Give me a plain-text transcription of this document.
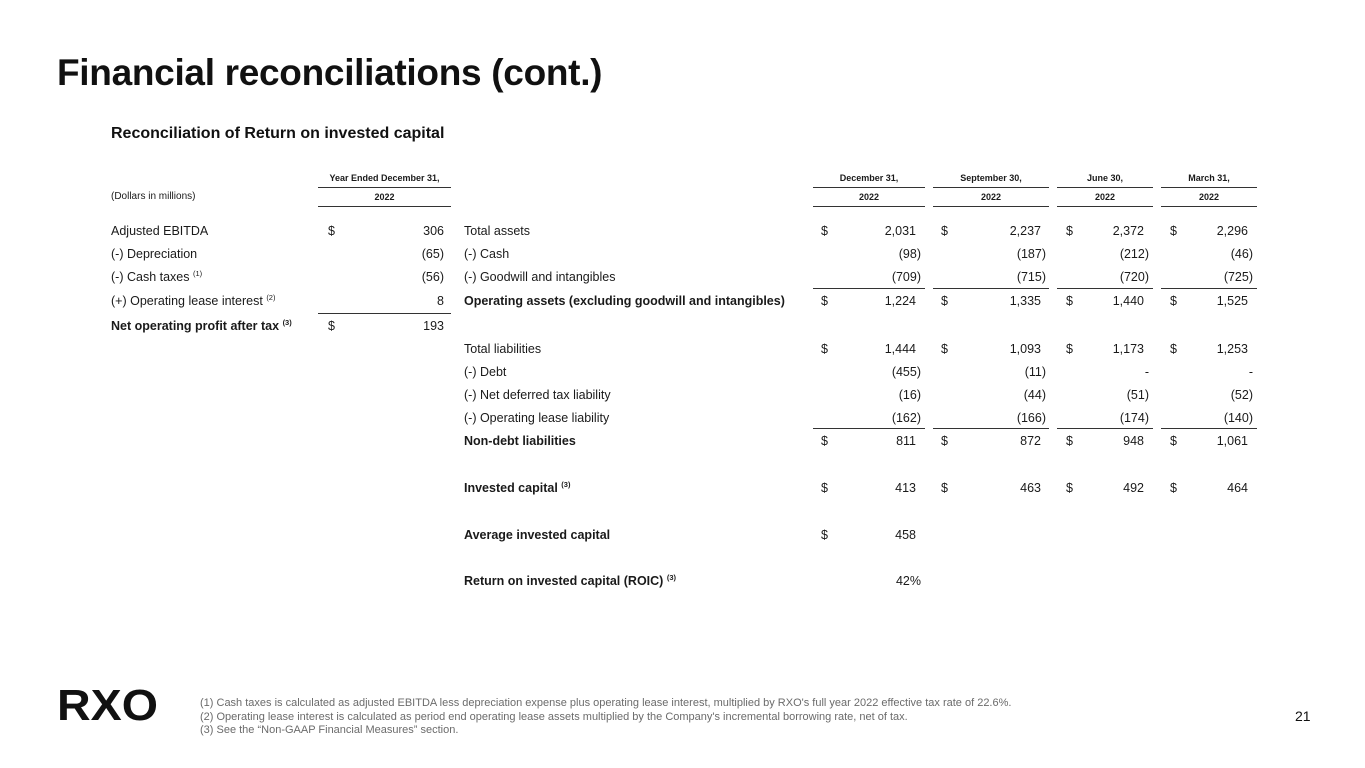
Financial reconciliations (cont.)
Reconciliation of Return on invested capital
Year Ended December 31,
2022
(Dollars in millions)
December 31,
2022
September 30,
2022
June 30,
2022
March 31,
2022
Adjusted EBITDA	$	306
(-) Depreciation	(65)
(-) Cash taxes $^{(1)}$	(56)
(+) Operating lease interest $^{(2)}$	8
Net operating profit after tax $^{(3)}$	$	193
Total assets	$	2,031 $	2,237 $	2,372 $	2,296
(-) Cash	(98)	(187)	(212)	(46)
(-) Goodwill and intangibles	(709)	(715)	(720)	(725)
Operating assets (excluding goodwill and intangibles)	$	1,224 $	1,335 $	1,440 $	1,525
Total liabilities	$	1,444 $	1,093 $	1,173 $	1,253
(-) Debt	(455)	(11)	-	-
(-) Net deferred tax liability	(16)	(44)	(51)	(52)
(-) Operating lease liability	(162)	(166)	(174)	(140)
Non-debt liabilities	$	811 $	872 $	948 $	1,061
Invested capital $^{(3)}$	$	413 $	463 $	492 $	464
Average invested capital	$	458
Return on invested capital (ROIC) $^{(3)}$	42%
RXO	(1) Cash taxes is calculated as adjusted EBITDA less depreciation expense plus operating lease interest, multiplied by RXO's full year 2022 effective tax rate of 22.6%.
(2) Operating lease interest is calculated as period end operating lease assets multiplied by the Company's incremental borrowing rate, net of tax.
(3) See the “Non-GAAP Financial Measures” section.
21
